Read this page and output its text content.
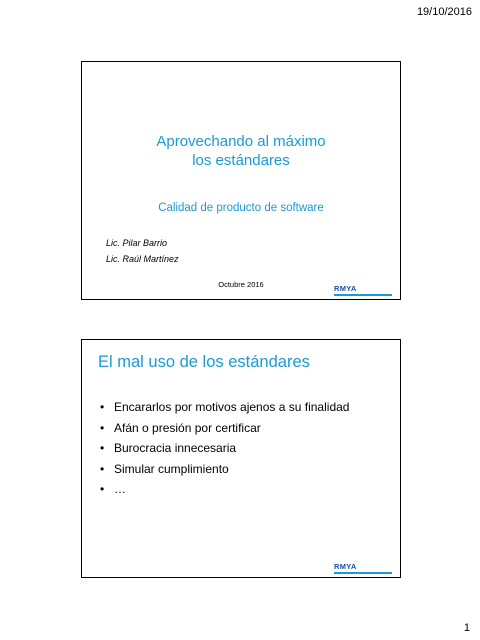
19/10/2016
Aprovechando al máximo
los estándares
Calidad de producto de software
Lic. Pilar Barrio
Lic. Raúl Martínez
Octubre 2016	RMYA
El mal uso de los estándares
• Encararlos por motivos ajenos a su finalidad
• Afán o presión por certificar
• Burocracia innecesaria
• Simular cumplimiento
• …
RMYA
1
